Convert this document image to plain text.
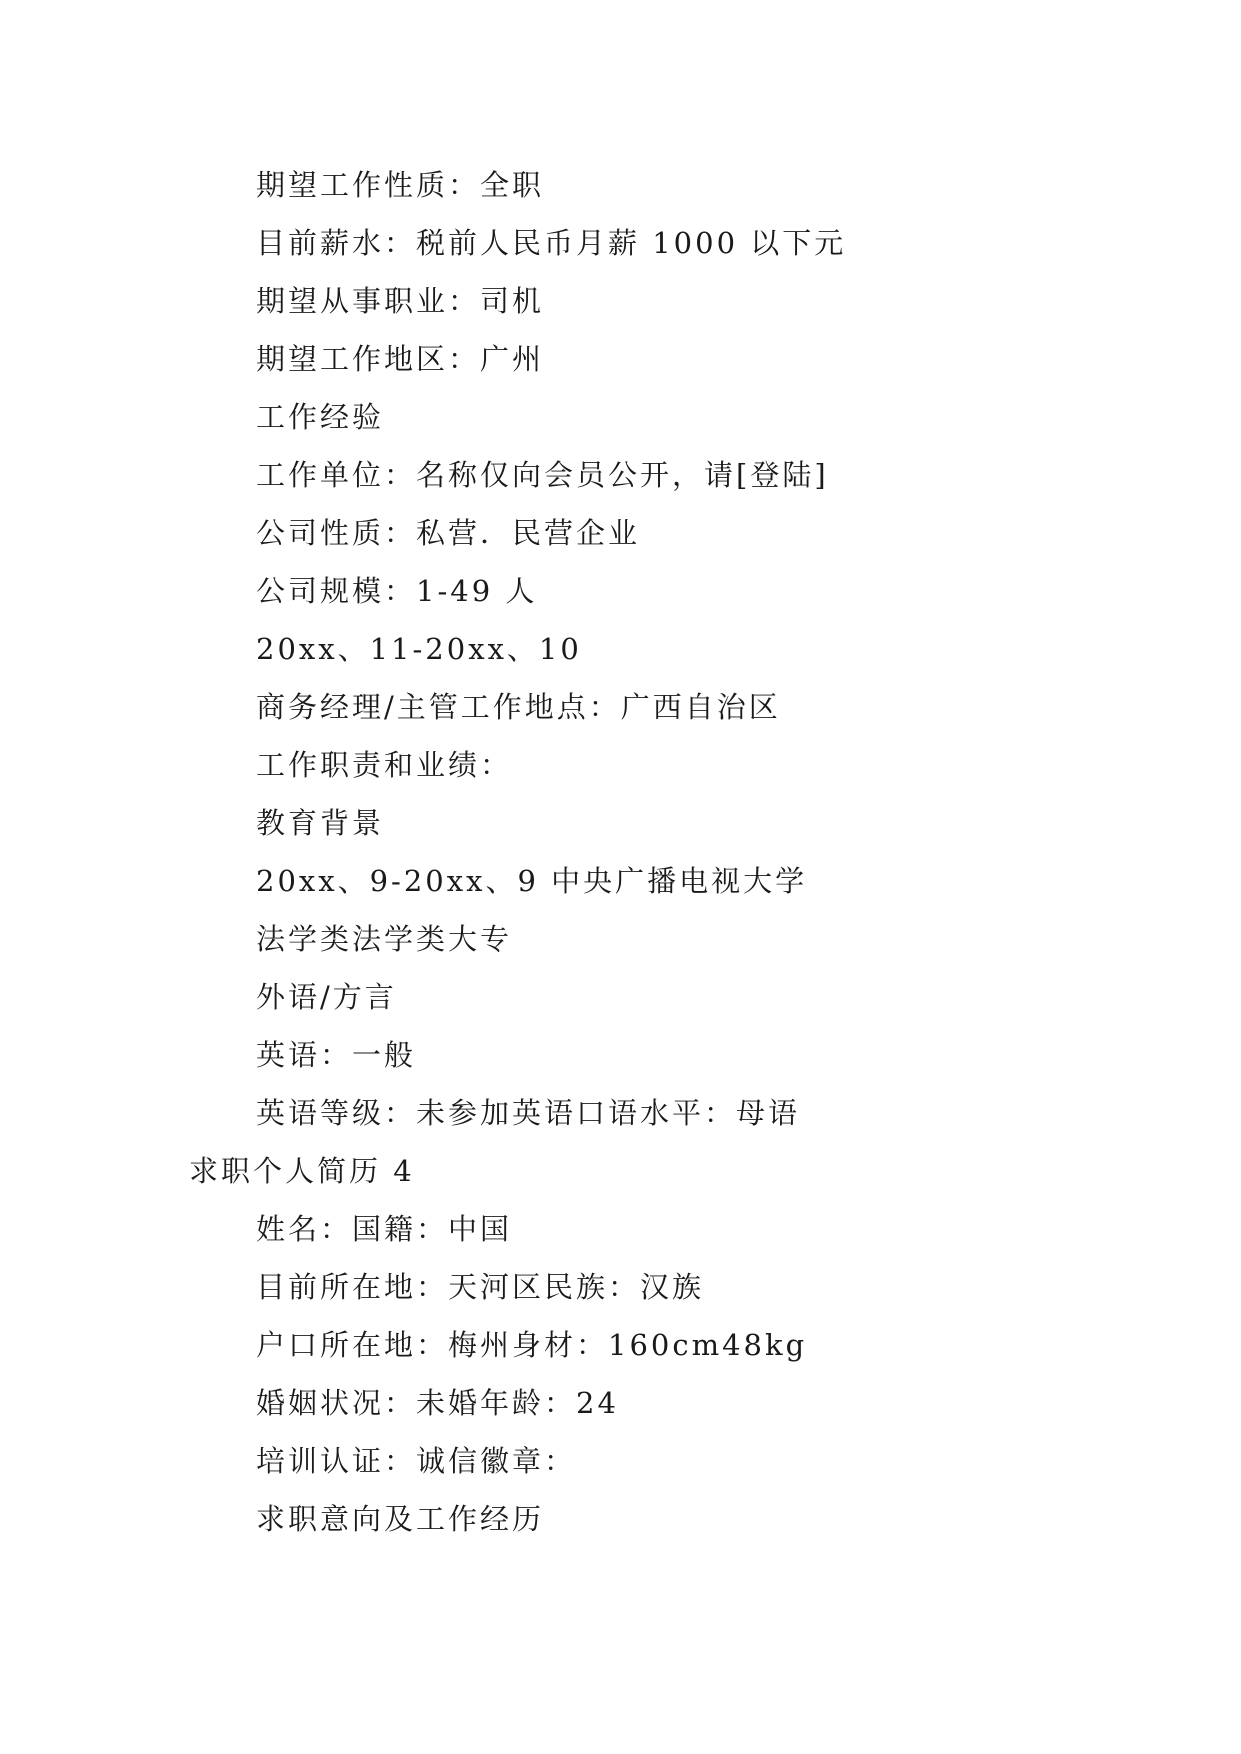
期望工作性质：全职
目前薪水：税前人民币月薪 1000 以下元
期望从事职业：司机
期望工作地区：广州
工作经验
工作单位：名称仅向会员公开，请[登陆]
公司性质：私营．民营企业
公司规模：1-49 人
20xx、11-20xx、10
商务经理/主管工作地点：广西自治区
工作职责和业绩：
教育背景
20xx、9-20xx、9 中央广播电视大学
法学类法学类大专
外语/方言
英语：一般
英语等级：未参加英语口语水平：母语
求职个人简历 4
姓名：国籍：中国
目前所在地：天河区民族：汉族
户口所在地：梅州身材：160cm48kg
婚姻状况：未婚年龄：24
培训认证：诚信徽章：
求职意向及工作经历
